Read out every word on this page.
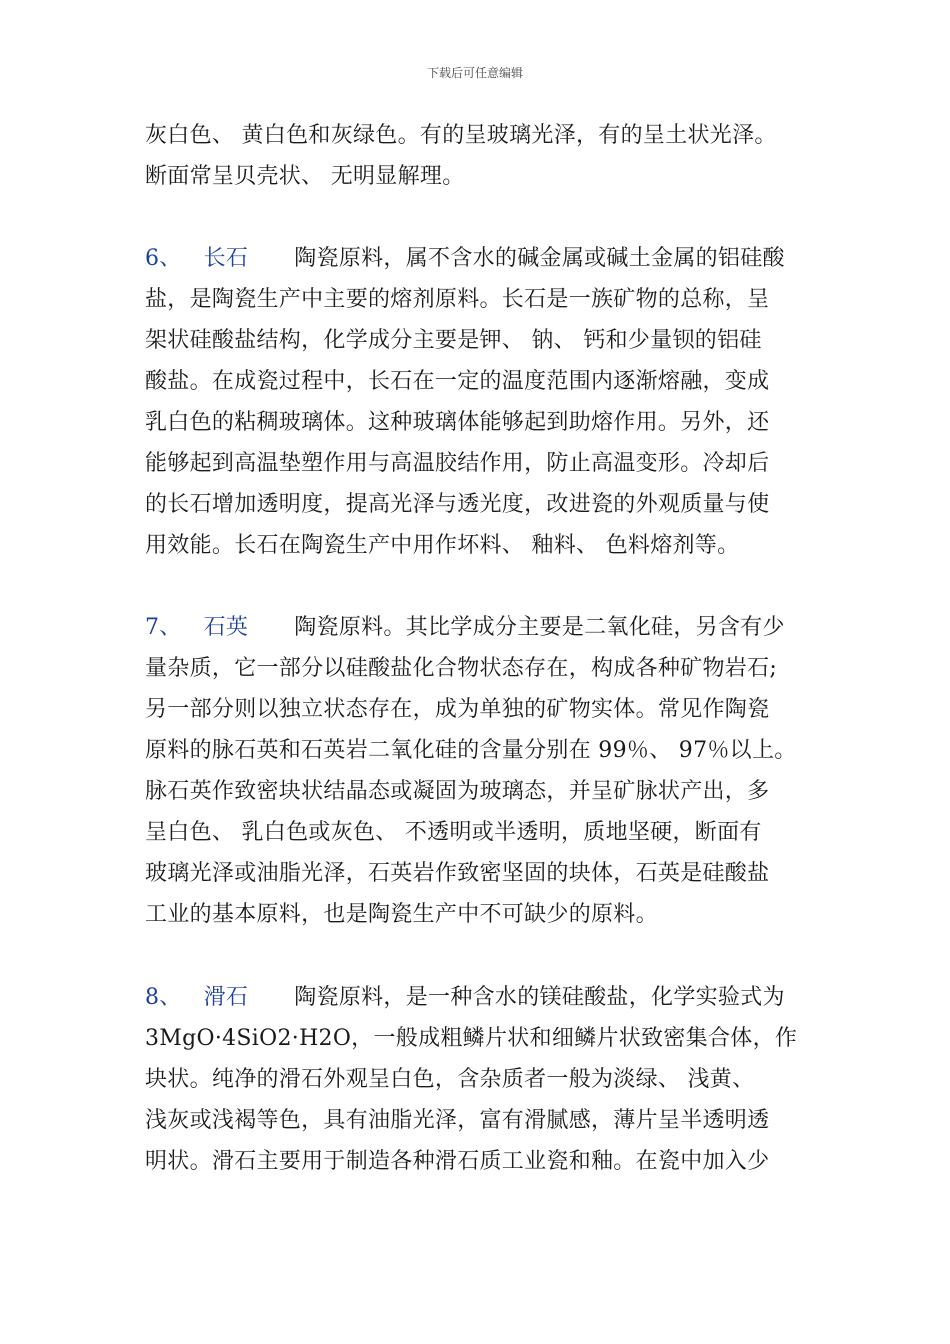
下载后可任意编辑

灰白色、 黄白色和灰绿色。有的呈玻璃光泽，有的呈土状光泽。

断面常呈贝壳状、 无明显解理。

6、 长石 陶瓷原料，属不含水的碱金属或碱土金属的铝硅酸

盐，是陶瓷生产中主要的熔剂原料。长石是一族矿物的总称，呈

架状硅酸盐结构，化学成分主要是钾、 钠、 钙和少量钡的铝硅

酸盐。在成瓷过程中，长石在一定的温度范围内逐渐熔融，变成

乳白色的粘稠玻璃体。这种玻璃体能够起到助熔作用。另外，还

能够起到高温垫塑作用与高温胶结作用，防止高温变形。冷却后

的长石增加透明度，提高光泽与透光度，改进瓷的外观质量与使

用效能。长石在陶瓷生产中用作坏料、 釉料、 色料熔剂等。

7、 石英 陶瓷原料。其比学成分主要是二氧化硅，另含有少

量杂质，它一部分以硅酸盐化合物状态存在，构成各种矿物岩石;

另一部分则以独立状态存在，成为单独的矿物实体。常见作陶瓷

原料的脉石英和石英岩二氧化硅的含量分别在 99％、 97％以上。

脉石英作致密块状结晶态或凝固为玻璃态，并呈矿脉状产出，多

呈白色、 乳白色或灰色、 不透明或半透明，质地坚硬，断面有

玻璃光泽或油脂光泽，石英岩作致密坚固的块体，石英是硅酸盐

工业的基本原料，也是陶瓷生产中不可缺少的原料。

8、 滑石 陶瓷原料，是一种含水的镁硅酸盐，化学实验式为

3MgO·4SiO2·H2O，一般成粗鳞片状和细鳞片状致密集合体，作

块状。纯净的滑石外观呈白色，含杂质者一般为淡绿、 浅黄、

浅灰或浅褐等色，具有油脂光泽，富有滑腻感，薄片呈半透明透

明状。滑石主要用于制造各种滑石质工业瓷和釉。在瓷中加入少
